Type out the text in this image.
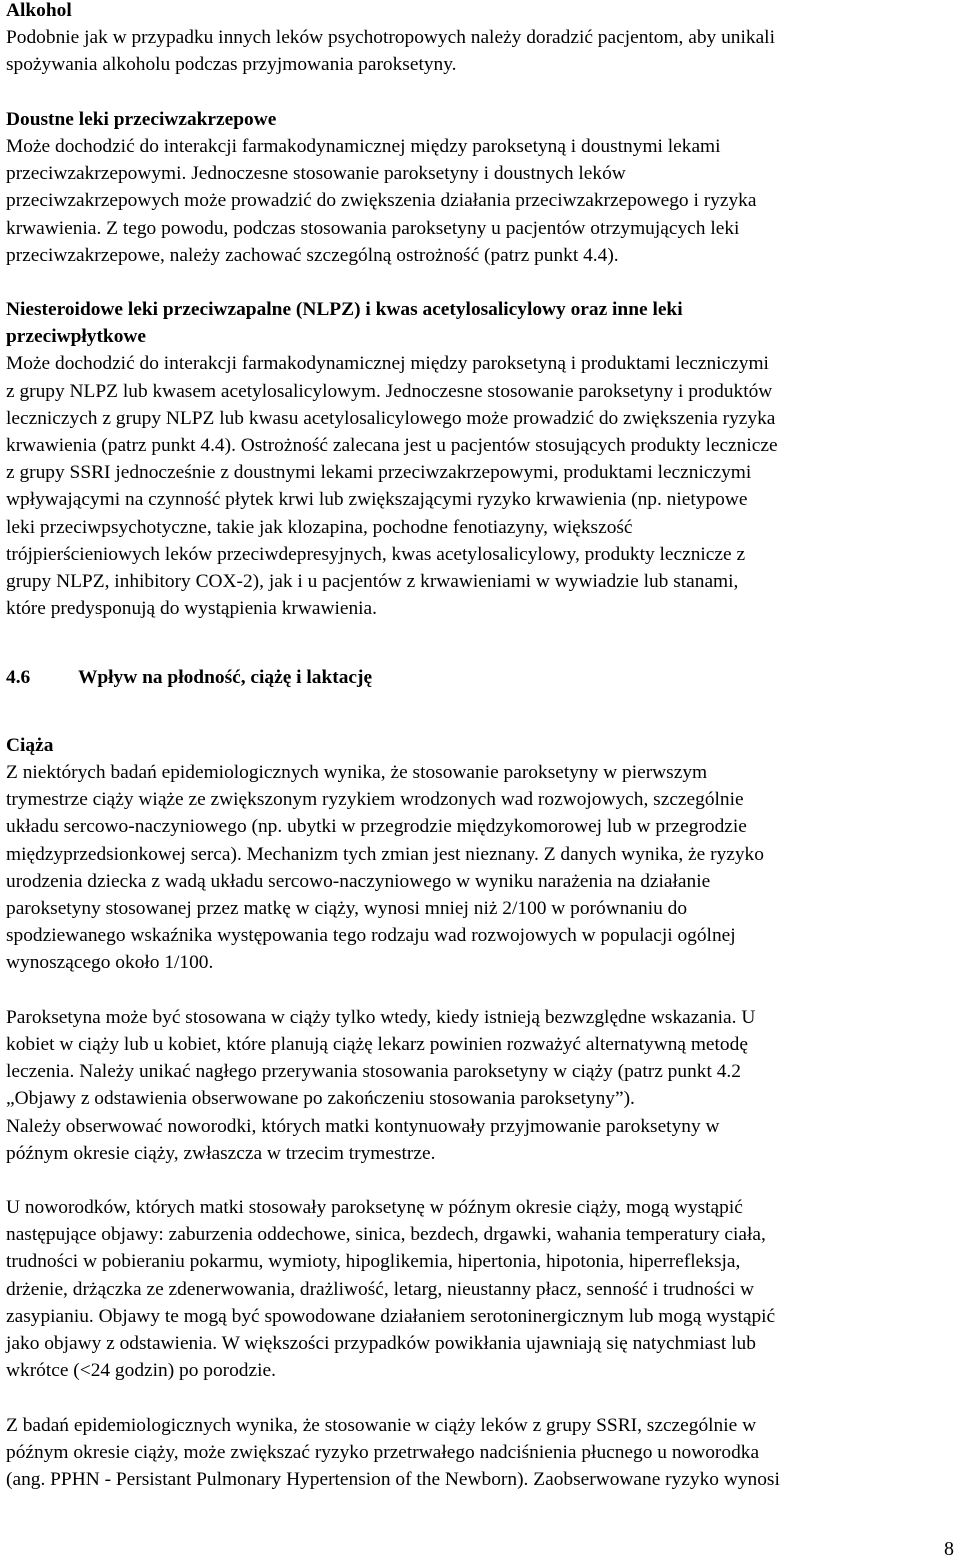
Alkohol
Podobnie jak w przypadku innych leków psychotropowych należy doradzić pacjentom, aby unikali
spożywania alkoholu podczas przyjmowania paroksetyny.
Doustne leki przeciwzakrzepowe
Może dochodzić do interakcji farmakodynamicznej między paroksetyną i doustnymi lekami
przeciwzakrzepowymi. Jednoczesne stosowanie paroksetyny i doustnych leków
przeciwzakrzepowych może prowadzić do zwiększenia działania przeciwzakrzepowego i ryzyka
krwawienia. Z tego powodu, podczas stosowania paroksetyny u pacjentów otrzymujących leki
przeciwzakrzepowe, należy zachować szczególną ostrożność (patrz punkt 4.4).
Niesteroidowe leki przeciwzapalne (NLPZ) i kwas acetylosalicylowy oraz inne leki
przeciwpłytkowe
Może dochodzić do interakcji farmakodynamicznej między paroksetyną i produktami leczniczymi
z grupy NLPZ lub kwasem acetylosalicylowym. Jednoczesne stosowanie paroksetyny i produktów
leczniczych z grupy NLPZ lub kwasu acetylosalicylowego może prowadzić do zwiększenia ryzyka
krwawienia (patrz punkt 4.4). Ostrożność zalecana jest u pacjentów stosujących produkty lecznicze
z grupy SSRI jednocześnie z doustnymi lekami przeciwzakrzepowymi, produktami leczniczymi
wpływającymi na czynność płytek krwi lub zwiększającymi ryzyko krwawienia (np. nietypowe
leki przeciwpsychotyczne, takie jak klozapina, pochodne fenotiazyny, większość
trójpierścieniowych leków przeciwdepresyjnych, kwas acetylosalicylowy, produkty lecznicze z
grupy NLPZ, inhibitory COX-2), jak i u pacjentów z krwawieniami w wywiadzie lub stanami,
które predysponują do wystąpienia krwawienia.
4.6 Wpływ na płodność, ciążę i laktację
Ciąża
Z niektórych badań epidemiologicznych wynika, że stosowanie paroksetyny w pierwszym
trymestrze ciąży wiąże ze zwiększonym ryzykiem wrodzonych wad rozwojowych, szczególnie
układu sercowo-naczyniowego (np. ubytki w przegrodzie międzykomorowej lub w przegrodzie
międzyprzedsionkowej serca). Mechanizm tych zmian jest nieznany. Z danych wynika, że ryzyko
urodzenia dziecka z wadą układu sercowo-naczyniowego w wyniku narażenia na działanie
paroksetyny stosowanej przez matkę w ciąży, wynosi mniej niż 2/100 w porównaniu do
spodziewanego wskaźnika występowania tego rodzaju wad rozwojowych w populacji ogólnej
wynoszącego około 1/100.
Paroksetyna może być stosowana w ciąży tylko wtedy, kiedy istnieją bezwzględne wskazania. U
kobiet w ciąży lub u kobiet, które planują ciążę lekarz powinien rozważyć alternatywną metodę
leczenia. Należy unikać nagłego przerywania stosowania paroksetyny w ciąży (patrz punkt 4.2
„Objawy z odstawienia obserwowane po zakończeniu stosowania paroksetyny”).
Należy obserwować noworodki, których matki kontynuowały przyjmowanie paroksetyny w
późnym okresie ciąży, zwłaszcza w trzecim trymestrze.
U noworodków, których matki stosowały paroksetynę w późnym okresie ciąży, mogą wystąpić
następujące objawy: zaburzenia oddechowe, sinica, bezdech, drgawki, wahania temperatury ciała,
trudności w pobieraniu pokarmu, wymioty, hipoglikemia, hipertonia, hipotonia, hiperrefleksja,
drżenie, drżączka ze zdenerwowania, drażliwość, letarg, nieustanny płacz, senność i trudności w
zasypianiu. Objawy te mogą być spowodowane działaniem serotoninergicznym lub mogą wystąpić
jako objawy z odstawienia. W większości przypadków powikłania ujawniają się natychmiast lub
wkrótce (<24 godzin) po porodzie.
Z badań epidemiologicznych wynika, że stosowanie w ciąży leków z grupy SSRI, szczególnie w
późnym okresie ciąży, może zwiększać ryzyko przetrwałego nadciśnienia płucnego u noworodka
(ang. PPHN - Persistant Pulmonary Hypertension of the Newborn). Zaobserwowane ryzyko wynosi
8
